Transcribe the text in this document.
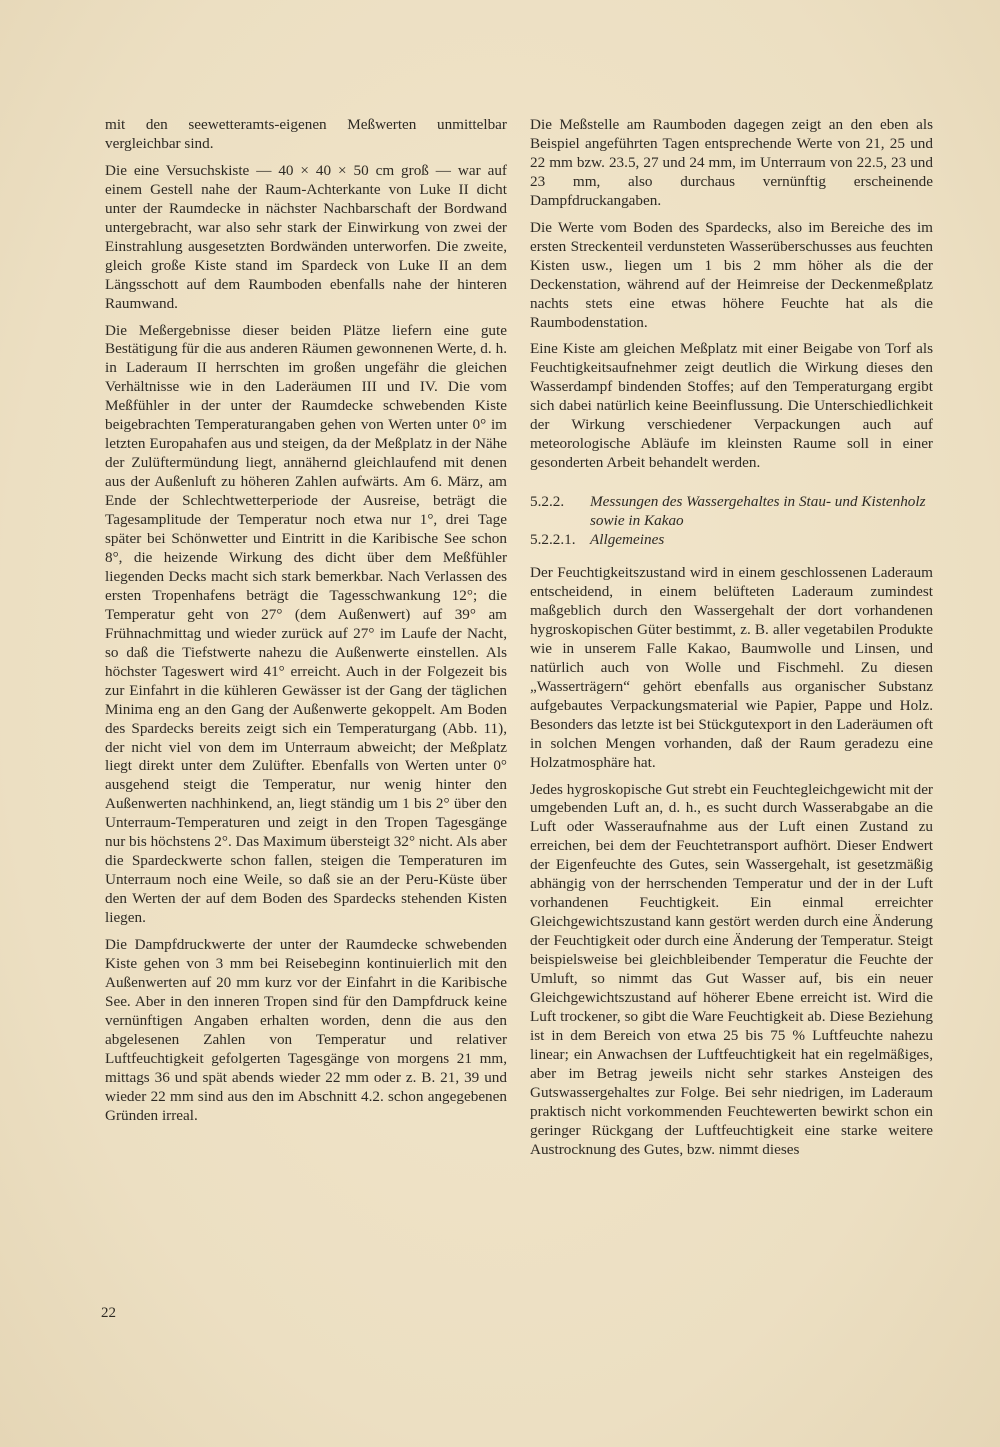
mit den seewetteramts-eigenen Meßwerten unmittelbar vergleichbar sind.

Die eine Versuchskiste — 40 × 40 × 50 cm groß — war auf einem Gestell nahe der Raum-Achterkante von Luke II dicht unter der Raumdecke in nächster Nachbarschaft der Bordwand untergebracht, war also sehr stark der Einwirkung von zwei der Einstrahlung ausgesetzten Bordwänden unterworfen. Die zweite, gleich große Kiste stand im Spardeck von Luke II an dem Längsschott auf dem Raumboden ebenfalls nahe der hinteren Raumwand.

Die Meßergebnisse dieser beiden Plätze liefern eine gute Bestätigung für die aus anderen Räumen gewonnenen Werte, d. h. in Laderaum II herrschten im großen ungefähr die gleichen Verhältnisse wie in den Laderäumen III und IV. Die vom Meßfühler in der unter der Raumdecke schwebenden Kiste beigebrachten Temperaturangaben gehen von Werten unter 0° im letzten Europahafen aus und steigen, da der Meßplatz in der Nähe der Zulüftermündung liegt, annähernd gleichlaufend mit denen aus der Außenluft zu höheren Zahlen aufwärts. Am 6. März, am Ende der Schlechtwetterperiode der Ausreise, beträgt die Tagesamplitude der Temperatur noch etwa nur 1°, drei Tage später bei Schönwetter und Eintritt in die Karibische See schon 8°, die heizende Wirkung des dicht über dem Meßfühler liegenden Decks macht sich stark bemerkbar. Nach Verlassen des ersten Tropenhafens beträgt die Tagesschwankung 12°; die Temperatur geht von 27° (dem Außenwert) auf 39° am Frühnachmittag und wieder zurück auf 27° im Laufe der Nacht, so daß die Tiefstwerte nahezu die Außenwerte einstellen. Als höchster Tageswert wird 41° erreicht. Auch in der Folgezeit bis zur Einfahrt in die kühleren Gewässer ist der Gang der täglichen Minima eng an den Gang der Außenwerte gekoppelt. Am Boden des Spardecks bereits zeigt sich ein Temperaturgang (Abb. 11), der nicht viel von dem im Unterraum abweicht; der Meßplatz liegt direkt unter dem Zulüfter. Ebenfalls von Werten unter 0° ausgehend steigt die Temperatur, nur wenig hinter den Außenwerten nachhinkend, an, liegt ständig um 1 bis 2° über den Unterraum-Temperaturen und zeigt in den Tropen Tagesgänge nur bis höchstens 2°. Das Maximum übersteigt 32° nicht. Als aber die Spardeckwerte schon fallen, steigen die Temperaturen im Unterraum noch eine Weile, so daß sie an der Peru-Küste über den Werten der auf dem Boden des Spardecks stehenden Kisten liegen.

Die Dampfdruckwerte der unter der Raumdecke schwebenden Kiste gehen von 3 mm bei Reisebeginn kontinuierlich mit den Außenwerten auf 20 mm kurz vor der Einfahrt in die Karibische See. Aber in den inneren Tropen sind für den Dampfdruck keine vernünftigen Angaben erhalten worden, denn die aus den abgelesenen Zahlen von Temperatur und relativer Luftfeuchtigkeit gefolgerten Tagesgänge von morgens 21 mm, mittags 36 und spät abends wieder 22 mm oder z. B. 21, 39 und wieder 22 mm sind aus den im Abschnitt 4.2. schon angegebenen Gründen irreal.

Die Meßstelle am Raumboden dagegen zeigt an den eben als Beispiel angeführten Tagen entsprechende Werte von 21, 25 und 22 mm bzw. 23.5, 27 und 24 mm, im Unterraum von 22.5, 23 und 23 mm, also durchaus vernünftig erscheinende Dampfdruckangaben.

Die Werte vom Boden des Spardecks, also im Bereiche des im ersten Streckenteil verdunsteten Wasserüberschusses aus feuchten Kisten usw., liegen um 1 bis 2 mm höher als die der Deckenstation, während auf der Heimreise der Deckenmeßplatz nachts stets eine etwas höhere Feuchte hat als die Raumbodenstation.

Eine Kiste am gleichen Meßplatz mit einer Beigabe von Torf als Feuchtigkeitsaufnehmer zeigt deutlich die Wirkung dieses den Wasserdampf bindenden Stoffes; auf den Temperaturgang ergibt sich dabei natürlich keine Beeinflussung. Die Unterschiedlichkeit der Wirkung verschiedener Verpackungen auch auf meteorologische Abläufe im kleinsten Raume soll in einer gesonderten Arbeit behandelt werden.

5.2.2.	Messungen des Wassergehaltes in Stau- und Kistenholz sowie in Kakao
5.2.2.1. Allgemeines

Der Feuchtigkeitszustand wird in einem geschlossenen Laderaum entscheidend, in einem belüfteten Laderaum zumindest maßgeblich durch den Wassergehalt der dort vorhandenen hygroskopischen Güter bestimmt, z. B. aller vegetabilen Produkte wie in unserem Falle Kakao, Baumwolle und Linsen, und natürlich auch von Wolle und Fischmehl. Zu diesen „Wasserträgern“ gehört ebenfalls aus organischer Substanz aufgebautes Verpackungsmaterial wie Papier, Pappe und Holz. Besonders das letzte ist bei Stückgutexport in den Laderäumen oft in solchen Mengen vorhanden, daß der Raum geradezu eine Holzatmosphäre hat.

Jedes hygroskopische Gut strebt ein Feuchtegleichgewicht mit der umgebenden Luft an, d. h., es sucht durch Wasserabgabe an die Luft oder Wasseraufnahme aus der Luft einen Zustand zu erreichen, bei dem der Feuchtetransport aufhört. Dieser Endwert der Eigenfeuchte des Gutes, sein Wassergehalt, ist gesetzmäßig abhängig von der herrschenden Temperatur und der in der Luft vorhandenen Feuchtigkeit. Ein einmal erreichter Gleichgewichtszustand kann gestört werden durch eine Änderung der Feuchtigkeit oder durch eine Änderung der Temperatur. Steigt beispielsweise bei gleichbleibender Temperatur die Feuchte der Umluft, so nimmt das Gut Wasser auf, bis ein neuer Gleichgewichtszustand auf höherer Ebene erreicht ist. Wird die Luft trockener, so gibt die Ware Feuchtigkeit ab. Diese Beziehung ist in dem Bereich von etwa 25 bis 75 % Luftfeuchte nahezu linear; ein Anwachsen der Luftfeuchtigkeit hat ein regelmäßiges, aber im Betrag jeweils nicht sehr starkes Ansteigen des Gutswassergehaltes zur Folge. Bei sehr niedrigen, im Laderaum praktisch nicht vorkommenden Feuchtewerten bewirkt schon ein geringer Rückgang der Luftfeuchtigkeit eine starke weitere Austrocknung des Gutes, bzw. nimmt dieses

22
